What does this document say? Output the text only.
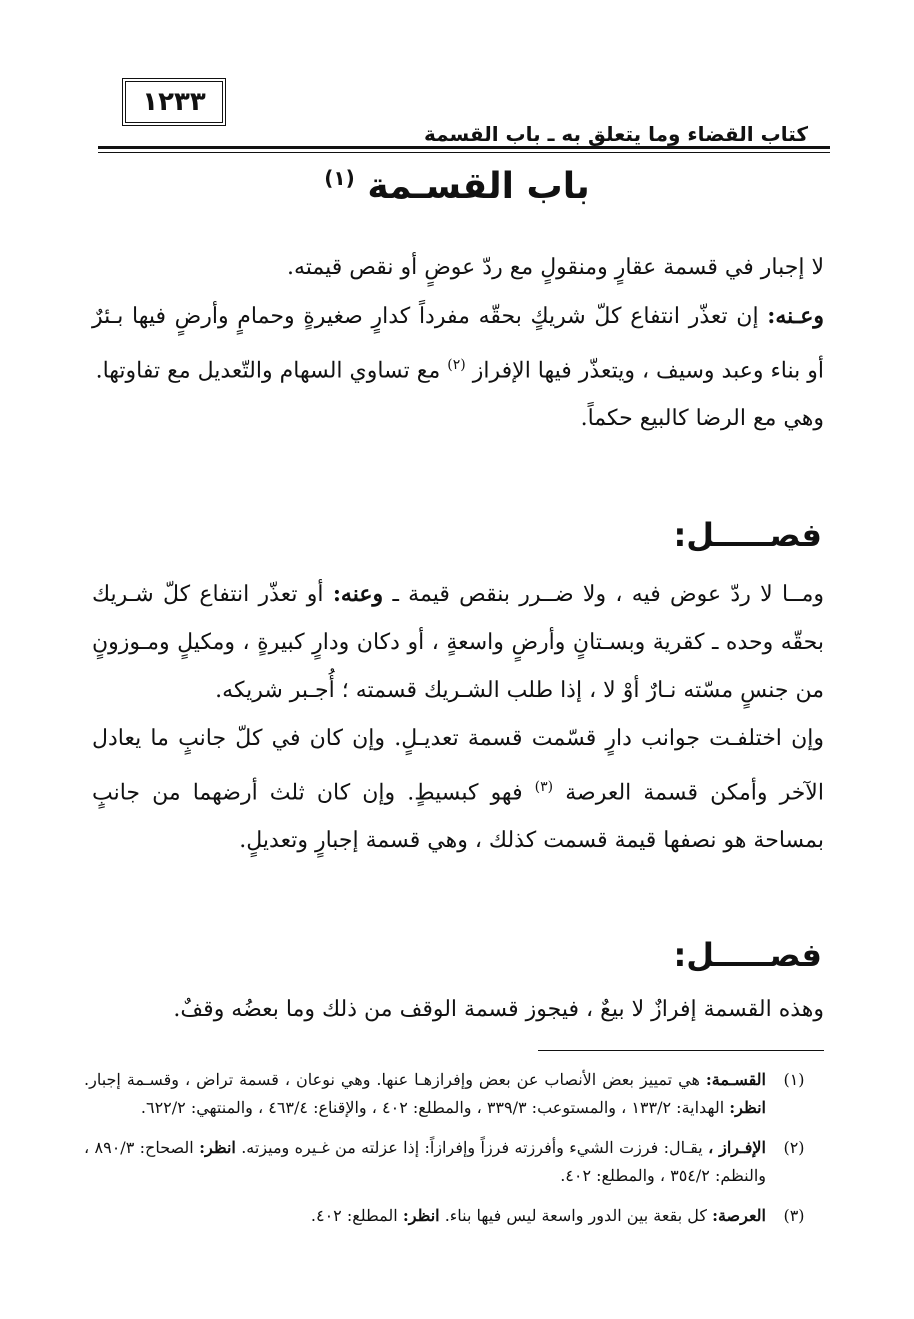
١٢٣٣
كتاب القضاء وما يتعلق به ـ باب القسمة
باب القسـمة $^{(١)}$

لا إجبار في قسمة عقارٍ ومنقولٍ مع ردّ عوضٍ أو نقص قيمته.

وعـنه: إن تعذّر انتفاع كلّ شريكٍ بحقّه مفرداً كدارٍ صغيرةٍ وحمامٍ وأرضٍ فيها بـئرٌ أو بناء وعبد وسيف ، ويتعذّر فيها الإفراز $^{(٢)}$ مع تساوي السهام والتّعديل مع تفاوتها.

وهي مع الرضا كالبيع حكماً.

فصـــــل:

ومــا لا ردّ عوض فيه ، ولا ضــرر بنقص قيمة ـ وعنه: أو تعذّر انتفاع كلّ شـريك بحقّه وحده ـ كقرية وبسـتانٍ وأرضٍ واسعةٍ ، أو دكان ودارٍ كبيرةٍ ، ومكيلٍ ومـوزونٍ من جنسٍ مسّته نـارٌ أوْ لا ، إذا طلب الشـريك قسمته ؛ أُجـبر شريكه.

وإن اختلفـت جوانب دارٍ قسّمت قسمة تعديـلٍ. وإن كان في كلّ جانبٍ ما يعادل الآخر وأمكن قسمة العرصة $^{(٣)}$ فهو كبسيطٍ. وإن كان ثلث أرضهما من جانبٍ بمساحة هو نصفها قيمة قسمت كذلك ، وهي قسمة إجبارٍ وتعديلٍ.

فصـــــل:

وهذه القسمة إفرازٌ لا بيعٌ ، فيجوز قسمة الوقف من ذلك وما بعضُه وقفٌ.

(١)
القسـمة: هي تمييز بعض الأنصاب عن بعض وإفرازهـا عنها. وهي نوعان ، قسمة تراض ، وقسـمة إجبار. انظر: الهداية: ١٣٣/٢ ، والمستوعب: ٣٣٩/٣ ، والمطلع: ٤٠٢ ، والإقناع: ٤٦٣/٤ ، والمنتهي: ٦٢٢/٢.
(٢)
الإفـراز ، يقـال: فرزت الشيء وأفرزته فرزاً وإفرازاً: إذا عزلته من غـيره وميزته. انظر: الصحاح: ٨٩٠/٣ ، والنظم: ٣٥٤/٢ ، والمطلع: ٤٠٢.
(٣)
العرصة: كل بقعة بين الدور واسعة ليس فيها بناء. انظر: المطلع: ٤٠٢.
